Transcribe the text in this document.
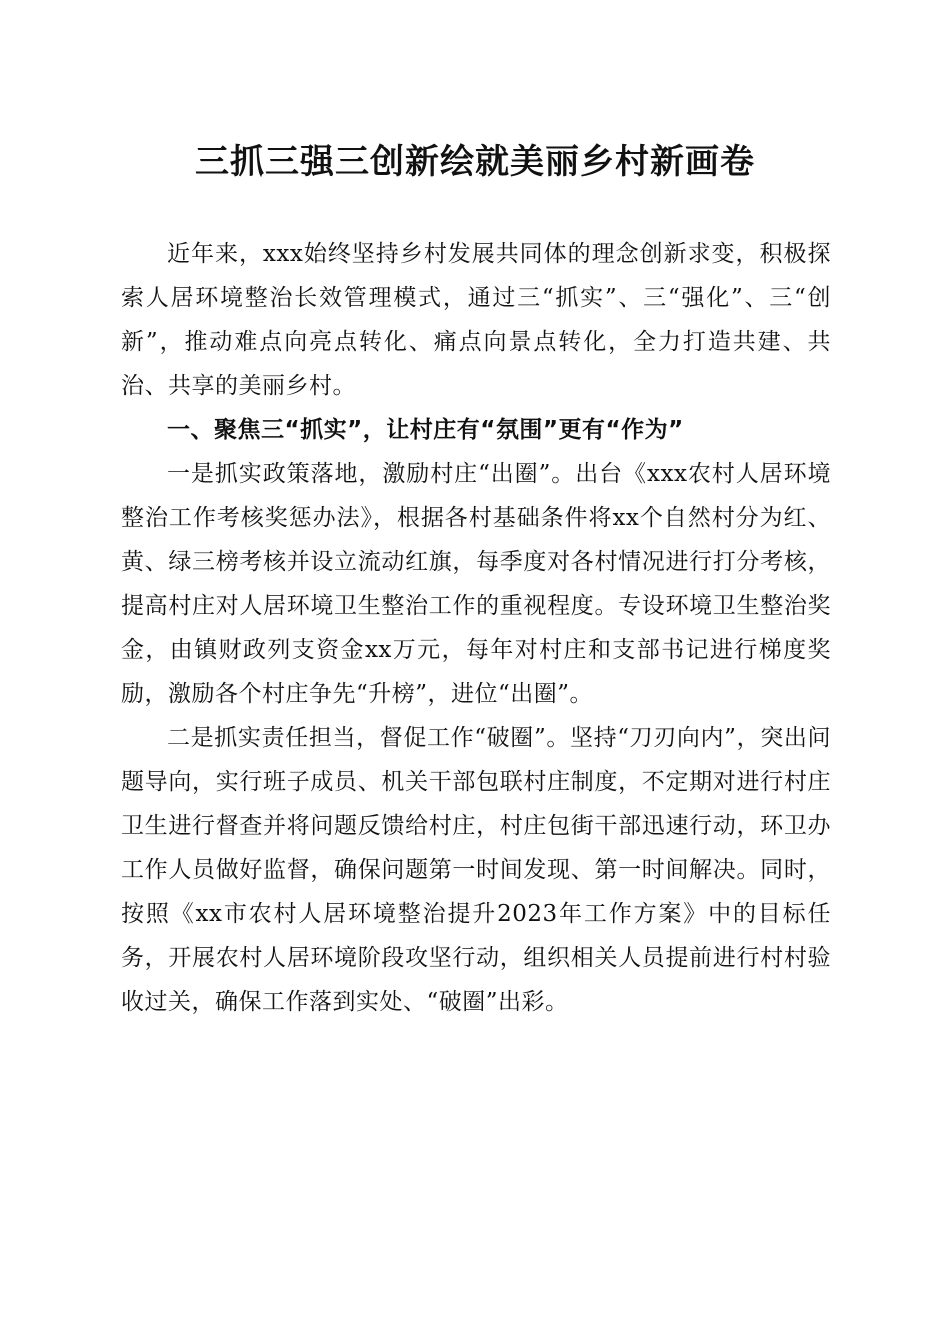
三抓三强三创新绘就美丽乡村新画卷

近年来，xxx始终坚持乡村发展共同体的理念创新求变，积极探索人居环境整治长效管理模式，通过三“抓实”、三“强化”、三“创新”，推动难点向亮点转化、痛点向景点转化，全力打造共建、共治、共享的美丽乡村。

一、聚焦三“抓实”，让村庄有“氛围”更有“作为”

一是抓实政策落地，激励村庄“出圈”。出台《xxx农村人居环境整治工作考核奖惩办法》，根据各村基础条件将xx个自然村分为红、黄、绿三榜考核并设立流动红旗，每季度对各村情况进行打分考核，提高村庄对人居环境卫生整治工作的重视程度。专设环境卫生整治奖金，由镇财政列支资金xx万元，每年对村庄和支部书记进行梯度奖励，激励各个村庄争先“升榜”，进位“出圈”。

二是抓实责任担当，督促工作“破圈”。坚持“刀刃向内”，突出问题导向，实行班子成员、机关干部包联村庄制度，不定期对进行村庄卫生进行督查并将问题反馈给村庄，村庄包街干部迅速行动，环卫办工作人员做好监督，确保问题第一时间发现、第一时间解决。同时，按照《xx市农村人居环境整治提升2023年工作方案》中的目标任务，开展农村人居环境阶段攻坚行动，组织相关人员提前进行村村验收过关，确保工作落到实处、“破圈”出彩。
